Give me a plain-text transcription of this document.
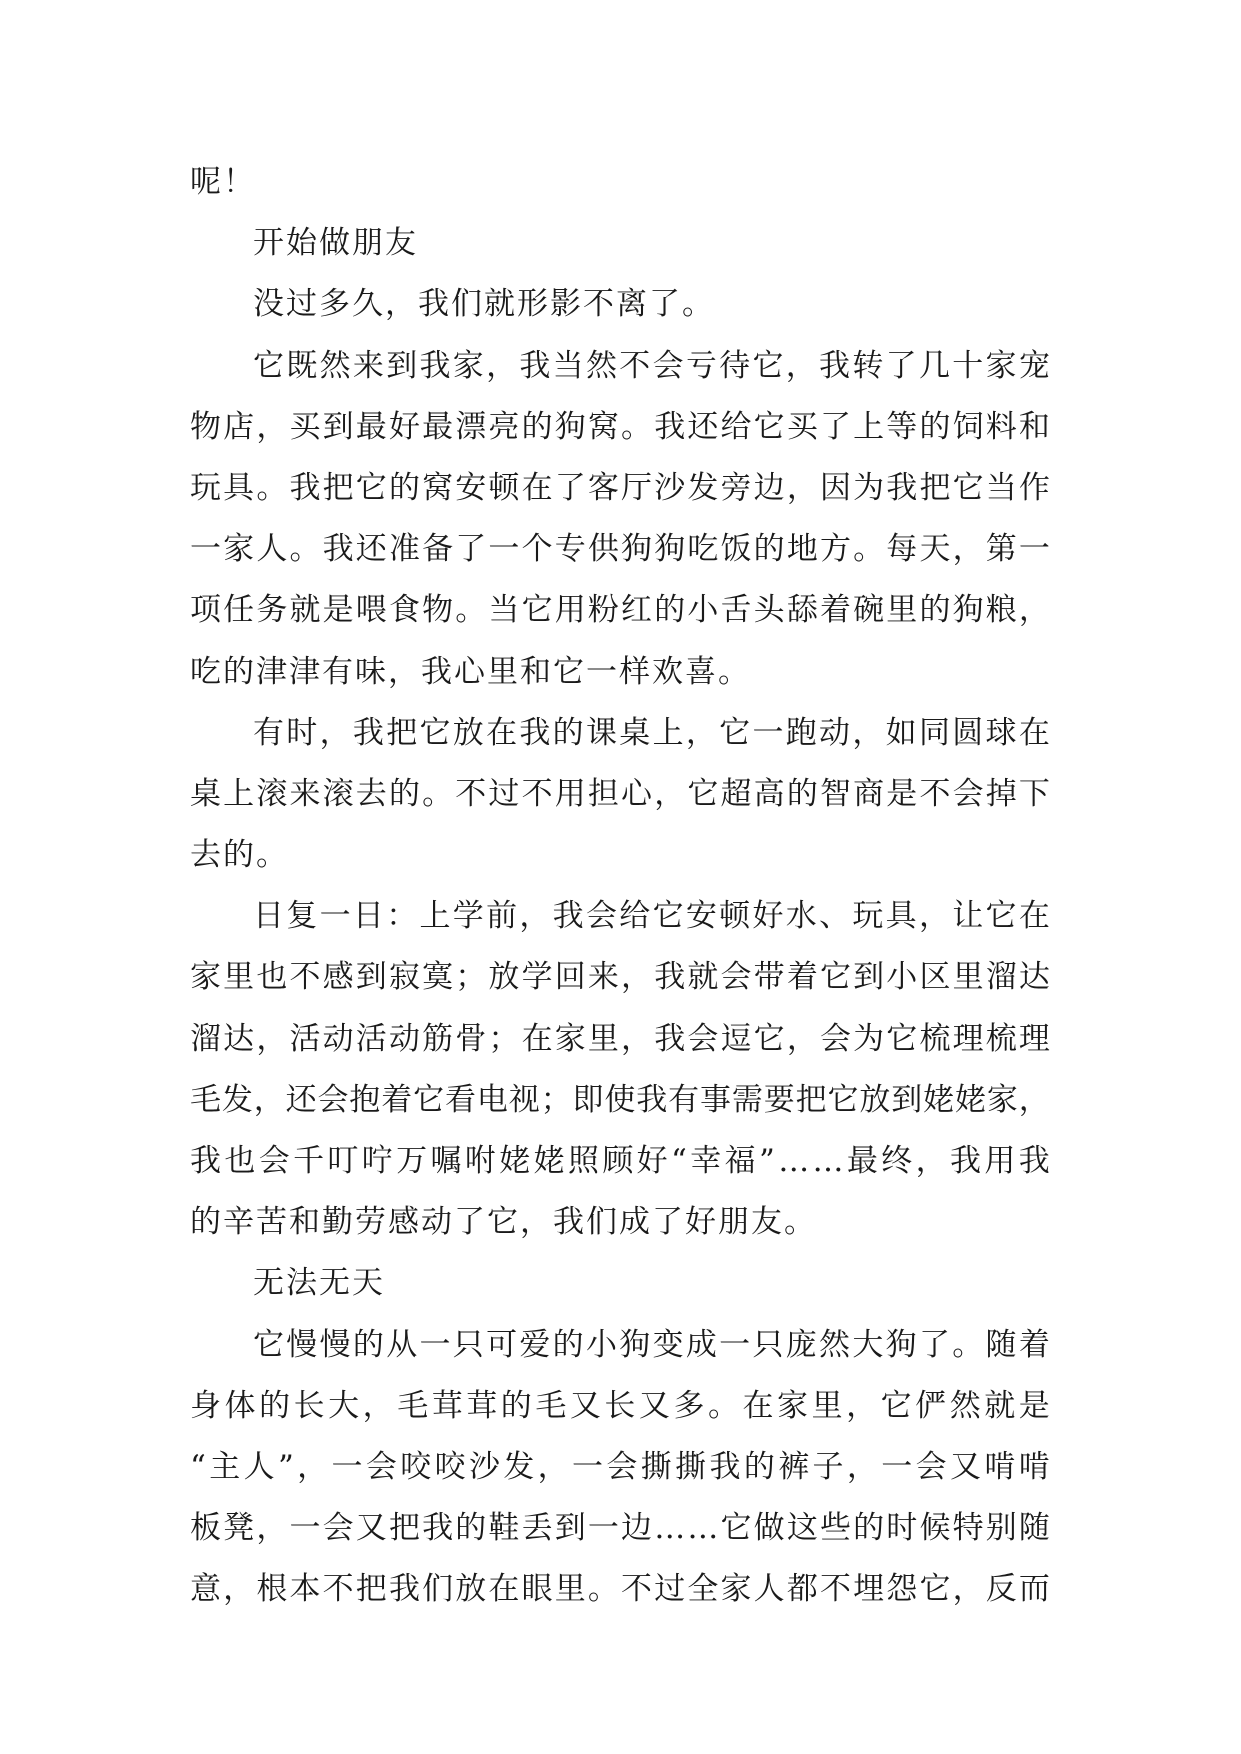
呢！
开始做朋友
没过多久，我们就形影不离了。
它 既 然 来 到 我 家 ， 我 当 然 不 会 亏 待 它 ， 我 转 了 几 十 家 宠
物 店 ， 买 到 最 好 最 漂 亮 的 狗 窝 。 我 还 给 它 买 了 上 等 的 饲 料 和
玩 具 。 我 把 它 的 窝 安 顿 在 了 客 厅 沙 发 旁 边 ， 因 为 我 把 它 当 作
一 家 人 。 我 还 准 备 了 一 个 专 供 狗 狗 吃 饭 的 地 方 。 每 天 ， 第 一
项 任 务 就 是 喂 食 物 。 当 它 用 粉 红 的 小 舌 头 舔 着 碗 里 的 狗 粮 ，
吃的津津有味，我心里和它一样欢喜。
有 时 ， 我 把 它 放 在 我 的 课 桌 上 ， 它 一 跑 动 ， 如 同 圆 球 在
桌 上 滚 来 滚 去 的 。 不 过 不 用 担 心 ， 它 超 高 的 智 商 是 不 会 掉 下
去的。
日 复 一 日 ： 上 学 前 ， 我 会 给 它 安 顿 好 水 、 玩 具 ， 让 它 在
家 里 也 不 感 到 寂 寞 ； 放 学 回 来 ， 我 就 会 带 着 它 到 小 区 里 溜 达
溜 达 ， 活 动 活 动 筋 骨 ； 在 家 里 ， 我 会 逗 它 ， 会 为 它 梳 理 梳 理
毛 发 ， 还 会 抱 着 它 看 电 视 ； 即 使 我 有 事 需 要 把 它 放 到 姥 姥 家 ，
我 也 会 千 叮 咛 万 嘱 咐 姥 姥 照 顾 好 “ 幸 福 ” … … 最 终 ， 我 用 我
的辛苦和勤劳感动了它，我们成了好朋友。
无法无天
它 慢 慢 的 从 一 只 可 爱 的 小 狗 变 成 一 只 庞 然 大 狗 了 。 随 着
身 体 的 长 大 ， 毛 茸 茸 的 毛 又 长 又 多 。 在 家 里 ， 它 俨 然 就 是
“ 主 人 ” ， 一 会 咬 咬 沙 发 ， 一 会 撕 撕 我 的 裤 子 ， 一 会 又 啃 啃
板 凳 ， 一 会 又 把 我 的 鞋 丢 到 一 边 … … 它 做 这 些 的 时 候 特 别 随
意 ， 根 本 不 把 我 们 放 在 眼 里 。 不 过 全 家 人 都 不 埋 怨 它 ， 反 而
